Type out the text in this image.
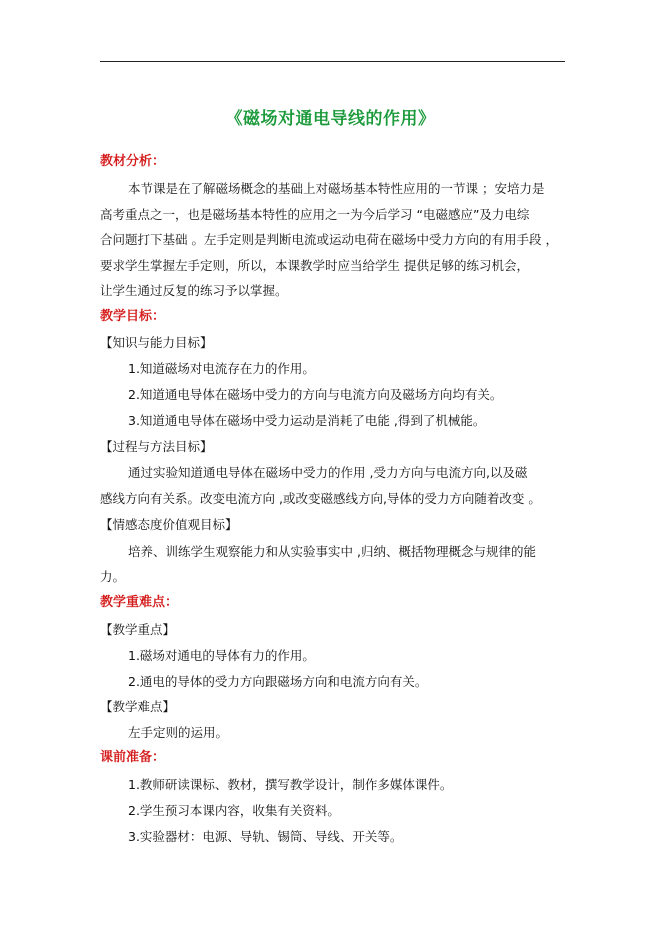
《磁场对通电导线的作用》
教材分析：
本节课是在了解磁场概念的基础上对磁场基本特性应用的一节课 ；安培力是
高考重点之一，也是磁场基本特性的应用之一为今后学习 “电磁感应”及力电综
合问题打下基础 。左手定则是判断电流或运动电荷在磁场中受力方向的有用手段 ，
要求学生掌握左手定则，所以，本课教学时应当给学生 提供足够的练习机会，
让学生通过反复的练习予以掌握。
教学目标：
【知识与能力目标】
1.知道磁场对电流存在力的作用。
2.知道通电导体在磁场中受力的方向与电流方向及磁场方向均有关。
3.知道通电导体在磁场中受力运动是消耗了电能 ,得到了机械能。
【过程与方法目标】
通过实验知道通电导体在磁场中受力的作用 ,受力方向与电流方向,以及磁
感线方向有关系。改变电流方向 ,或改变磁感线方向,导体的受力方向随着改变 。
【情感态度价值观目标】
培养、训练学生观察能力和从实验事实中 ,归纳、概括物理概念与规律的能
力。
教学重难点：
【教学重点】
1.磁场对通电的导体有力的作用。
2.通电的导体的受力方向跟磁场方向和电流方向有关。
【教学难点】
左手定则的运用。
课前准备：
1.教师研读课标、教材，撰写教学设计，制作多媒体课件。
2.学生预习本课内容，收集有关资料。
3.实验器材：电源、导轨、锡筒、导线、开关等。
